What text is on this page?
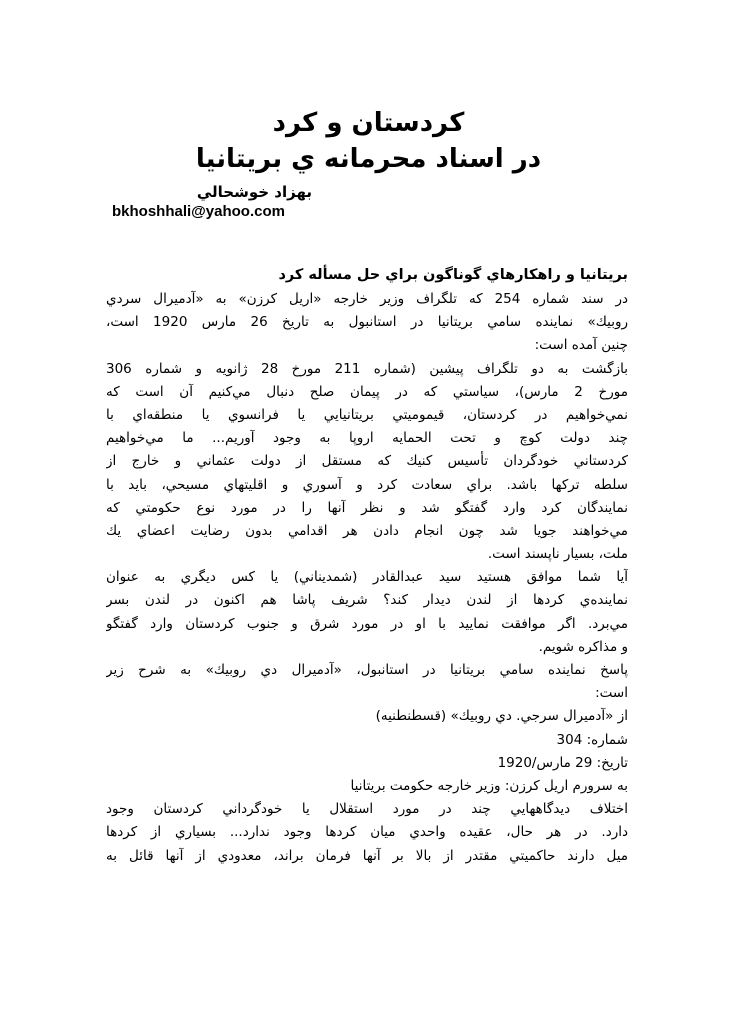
کردستان و کرد
در اسناد محرمانه ي بريتانيا
بهزاد خوشحالي
bkhoshhali@yahoo.com
بريتانيا و راهکارهاي گوناگون براي حل مسأله کرد
در سند شماره 254 که تلگراف وزير خارجه «اريل کرزن» به «آدميرال سردي
روبيك» نماينده سامي بريتانيا در استانبول به تاريخ 26 مارس 1920 است،
چنين آمده است:
بازگشت به دو تلگراف پيشين (شماره 211 مورخ 28 ژانويه و شماره 306
مورخ 2 مارس)، سياستي که در پيمان صلح دنبال مي‌کنيم آن است که
نمي‌خواهيم در کردستان، قيموميتي بريتانيايي يا فرانسوي يا منطقه‌اي با
چند دولت کوچ و تحت الحمايه اروپا به وجود آوريم... ما مي‌خواهيم
کردستاني خودگردان تأسيس کنيك که مستقل از دولت عثماني و خارج از
سلطه ترکها باشد. براي سعادت کرد و آسوري و اقليتهاي مسيحي، بايد با
نمايندگان کرد وارد گفتگو شد و نظر آنها را در مورد نوع حکومتي که
مي‌خواهند جويا شد چون انجام دادن هر اقدامي بدون رضايت اعضاي يك
ملت، بسيار ناپسند است.
آيا شما موافق هستيد سيد عبدالقادر (شمدیناني) يا کس ديگري به عنوان
نماينده‌ي کردها از لندن ديدار کند؟ شريف پاشا هم اکنون در لندن بسر
مي‌برد. اگر موافقت نماييد با او در مورد شرق و جنوب کردستان وارد گفتگو
و مذاکره شويم.
پاسخ نماينده سامي بريتانيا در استانبول، «آدميرال دي روبيك» به شرح زير
است:
از «آدميرال سرجي. دي روبيك» (قسطنطنيه)
شماره: 304
تاريخ: 29 مارس/1920
به سرورم اريل کرزن: وزير خارجه حکومت بريتانيا
اختلاف ديدگاههايي چند در مورد استقلال يا خودگرداني کردستان وجود
دارد. در هر حال، عقيده واحدي ميان کردها وجود ندارد... بسياري از کردها
ميل دارند حاکميتي مقتدر از بالا بر آنها فرمان براند، معدودي از آنها قائل به
